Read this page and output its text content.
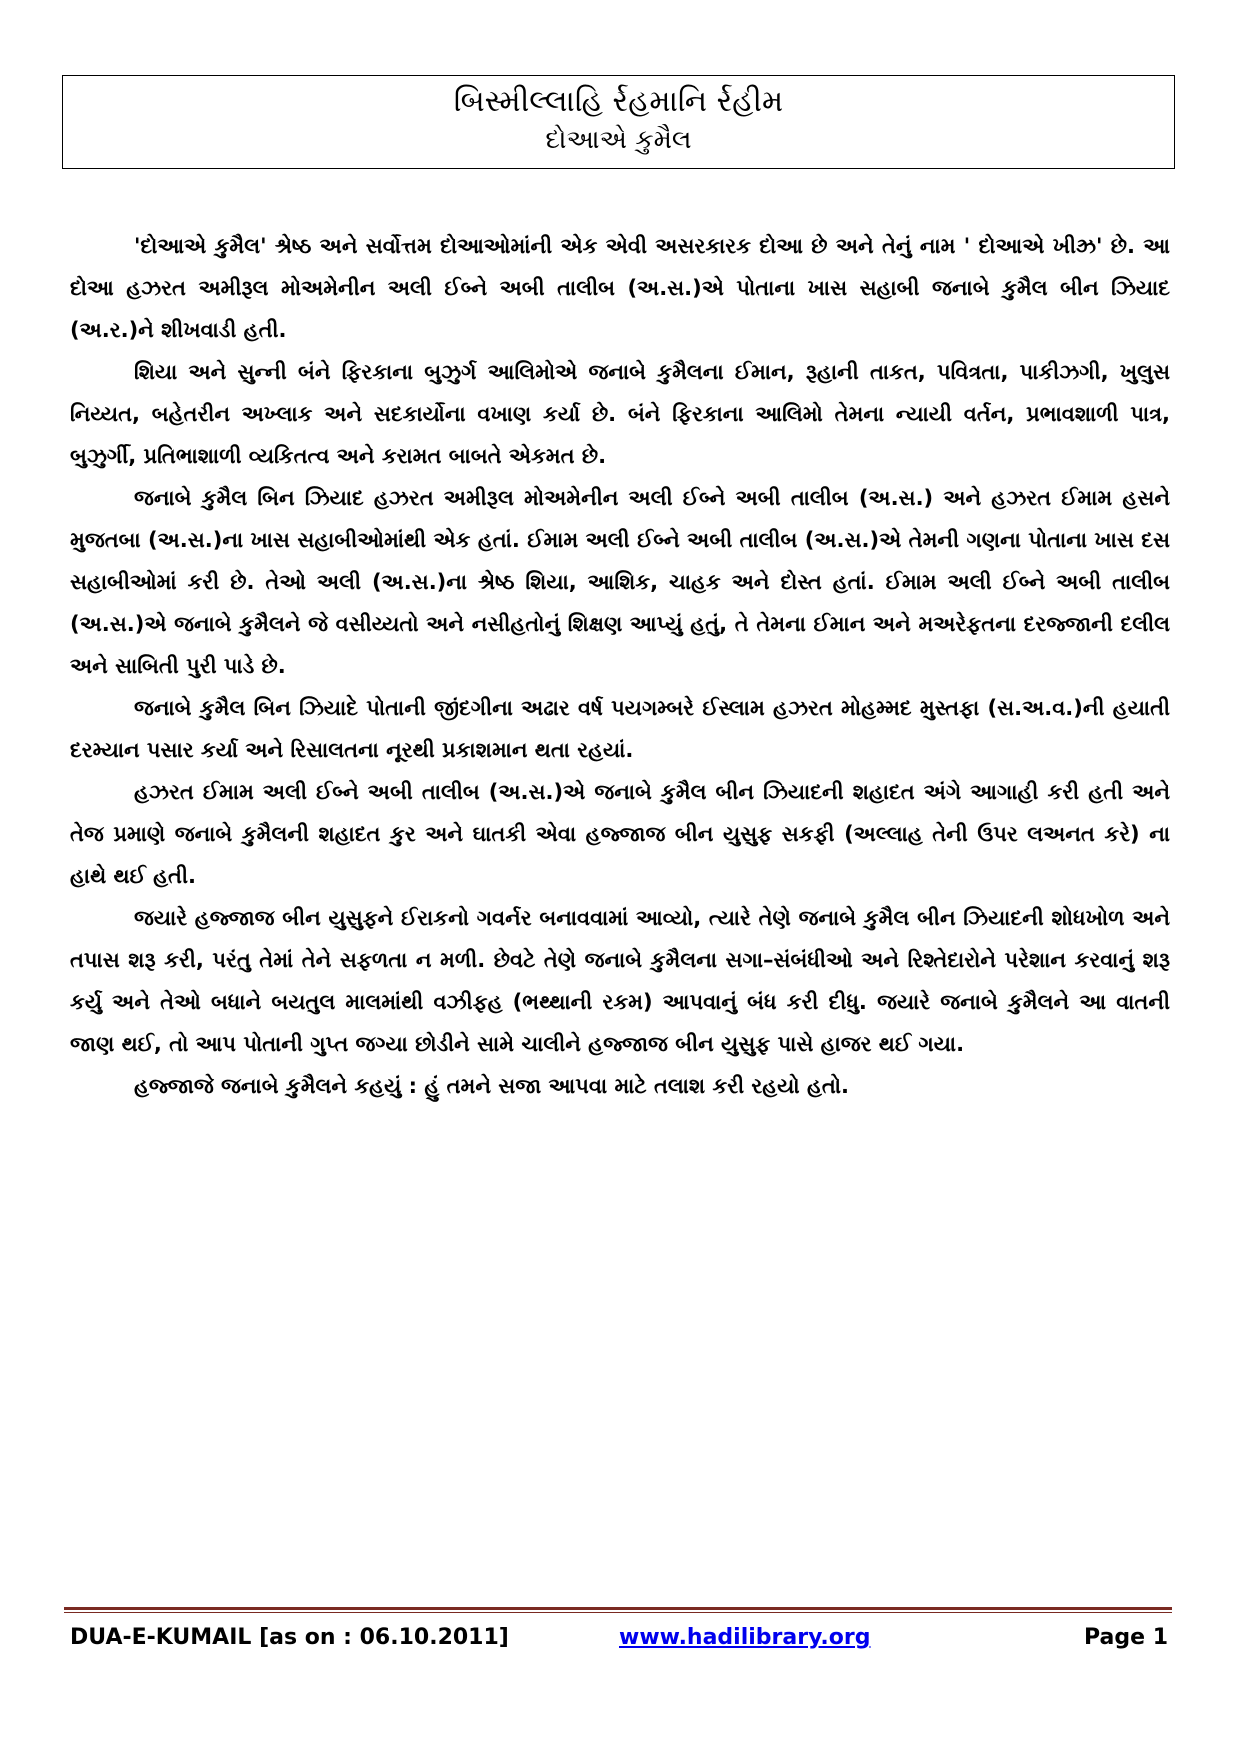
બિસ્મીલ્લાહિ ર્રહમાનિ ર્રહીમ
દોઆએ કુમૈલ

'દોઆએ કુમૈલ' શ્રેષ્ઠ અને સર્વોત્તમ દોઆઓમાંની એક એવી અસરકારક દોઆ છે અને તેનું નામ ' દોઆએ ખીઝ્ર' છે. આ દોઆ હઝરત અમીરૂલ મોઅમેનીન અલી ઈબ્ને અબી તાલીબ (અ.સ.)એ પોતાના ખાસ સહાબી જનાબે કુમૈલ બીન ઝિયાદ (અ.ર.)ને શીખવાડી હતી.

શિયા અને સુન્ની બંને ફિરકાના બુઝુર્ગ આલિમોએ જનાબે કુમૈલના ઈમાન, રૂહાની તાકત, પવિત્રતા, પાકીઝગી, ખુલુસ નિય્યત, બહેતરીન અખ્લાક અને સદકાર્યોના વખાણ કર્યા છે. બંને ફિરકાના આલિમો તેમના ન્યાયી વર્તન, પ્રભાવશાળી પાત્ર, બુઝુર્ગી, પ્રતિભાશાળી વ્યકિતત્વ અને કરામત બાબતે એકમત છે.

જનાબે કુમૈલ બિન ઝિયાદ હઝરત અમીરૂલ મોઅમેનીન અલી ઈબ્ને અબી તાલીબ (અ.સ.) અને હઝરત ઈમામ હસને મુજતબા (અ.સ.)ના ખાસ સહાબીઓમાંથી એક હતાં. ઈમામ અલી ઈબ્ને અબી તાલીબ (અ.સ.)એ તેમની ગણના પોતાના ખાસ દસ સહાબીઓમાં કરી છે. તેઓ અલી (અ.સ.)ના શ્રેષ્ઠ શિયા, આશિક, ચાહક અને દોસ્ત હતાં. ઈમામ અલી ઈબ્ને અબી તાલીબ (અ.સ.)એ જનાબે કુમૈલને જે વસીય્યતો અને નસીહતોનું શિક્ષણ આપ્યું હતું, તે તેમના ઈમાન અને મઅરેફતના દરજ્જાની દલીલ અને સાબિતી પુરી પાડે છે.

જનાબે કુમૈલ બિન ઝિયાદે પોતાની જીંદગીના અઢાર વર્ષ પયગમ્બરે ઈસ્લામ હઝરત મોહમ્મદ મુસ્તફા (સ.અ.વ.)ની હયાતી દરમ્યાન પસાર કર્યા અને રિસાલતના નૂરથી પ્રકાશમાન થતા રહયાં.

હઝરત ઈમામ અલી ઈબ્ને અબી તાલીબ (અ.સ.)એ જનાબે કુમૈલ બીન ઝિયાદની શહાદત અંગે આગાહી કરી હતી અને તેજ પ્રમાણે જનાબે કુમૈલની શહાદત કુર અને ઘાતકી એવા હજ્જાજ બીન યુસુફ સકફી (અલ્લાહ તેની ઉપર લઅનત કરે) ના હાથે થઈ હતી.

જયારે હજ્જાજ બીન યુસુફને ઈરાકનો ગવર્નર બનાવવામાં આવ્યો, ત્યારે તેણે જનાબે કુમૈલ બીન ઝિયાદની શોધખોળ અને તપાસ શરૂ કરી, પરંતુ તેમાં તેને સફળતા ન મળી. છેવટે તેણે જનાબે કુમૈલના સગા–સંબંધીઓ અને રિશ્તેદારોને પરેશાન કરવાનું શરૂ કર્યુ અને તેઓ બધાને બયતુલ માલમાંથી વઝીફહ (ભથ્થાની રકમ) આપવાનું બંધ કરી દીધુ. જયારે જનાબે કુમૈલને આ વાતની જાણ થઈ, તો આપ પોતાની ગુપ્ત જગ્યા છોડીને સામે ચાલીને હજ્જાજ બીન યુસુફ પાસે હાજર થઈ ગયા.

હજ્જાજે જનાબે કુમૈલને કહયું : હું તમને સજા આપવા માટે તલાશ કરી રહયો હતો.

DUA-E-KUMAIL [as on : 06.10.2011]	www.hadilibrary.org	Page 1
